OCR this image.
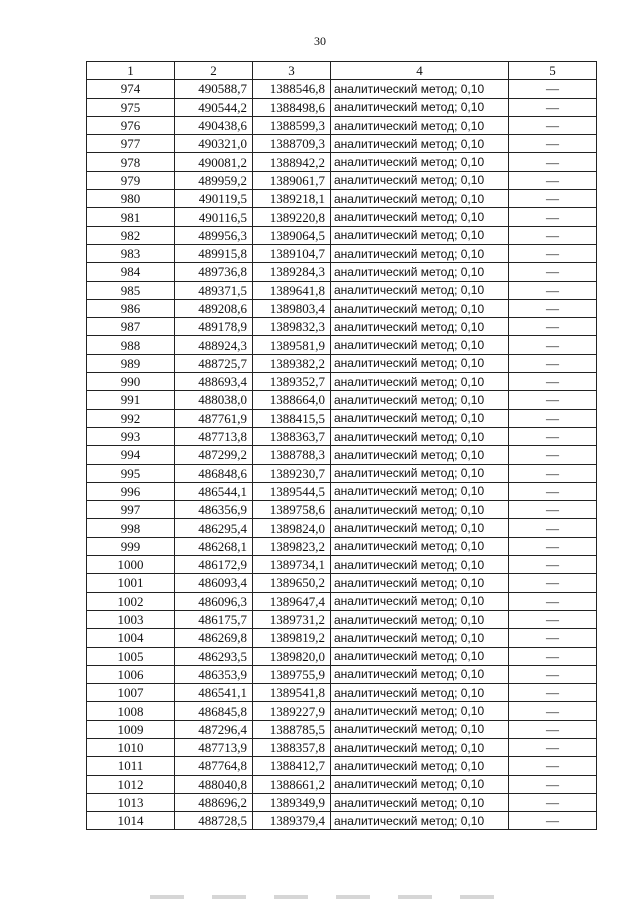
30
1	2	3	4	5
974	490588,7	1388546,8	аналитический метод; 0,10	—
975	490544,2	1388498,6	аналитический метод; 0,10	—
976	490438,6	1388599,3	аналитический метод; 0,10	—
977	490321,0	1388709,3	аналитический метод; 0,10	—
978	490081,2	1388942,2	аналитический метод; 0,10	—
979	489959,2	1389061,7	аналитический метод; 0,10	—
980	490119,5	1389218,1	аналитический метод; 0,10	—
981	490116,5	1389220,8	аналитический метод; 0,10	—
982	489956,3	1389064,5	аналитический метод; 0,10	—
983	489915,8	1389104,7	аналитический метод; 0,10	—
984	489736,8	1389284,3	аналитический метод; 0,10	—
985	489371,5	1389641,8	аналитический метод; 0,10	—
986	489208,6	1389803,4	аналитический метод; 0,10	—
987	489178,9	1389832,3	аналитический метод; 0,10	—
988	488924,3	1389581,9	аналитический метод; 0,10	—
989	488725,7	1389382,2	аналитический метод; 0,10	—
990	488693,4	1389352,7	аналитический метод; 0,10	—
991	488038,0	1388664,0	аналитический метод; 0,10	—
992	487761,9	1388415,5	аналитический метод; 0,10	—
993	487713,8	1388363,7	аналитический метод; 0,10	—
994	487299,2	1388788,3	аналитический метод; 0,10	—
995	486848,6	1389230,7	аналитический метод; 0,10	—
996	486544,1	1389544,5	аналитический метод; 0,10	—
997	486356,9	1389758,6	аналитический метод; 0,10	—
998	486295,4	1389824,0	аналитический метод; 0,10	—
999	486268,1	1389823,2	аналитический метод; 0,10	—
1000	486172,9	1389734,1	аналитический метод; 0,10	—
1001	486093,4	1389650,2	аналитический метод; 0,10	—
1002	486096,3	1389647,4	аналитический метод; 0,10	—
1003	486175,7	1389731,2	аналитический метод; 0,10	—
1004	486269,8	1389819,2	аналитический метод; 0,10	—
1005	486293,5	1389820,0	аналитический метод; 0,10	—
1006	486353,9	1389755,9	аналитический метод; 0,10	—
1007	486541,1	1389541,8	аналитический метод; 0,10	—
1008	486845,8	1389227,9	аналитический метод; 0,10	—
1009	487296,4	1388785,5	аналитический метод; 0,10	—
1010	487713,9	1388357,8	аналитический метод; 0,10	—
1011	487764,8	1388412,7	аналитический метод; 0,10	—
1012	488040,8	1388661,2	аналитический метод; 0,10	—
1013	488696,2	1389349,9	аналитический метод; 0,10	—
1014	488728,5	1389379,4	аналитический метод; 0,10	—
